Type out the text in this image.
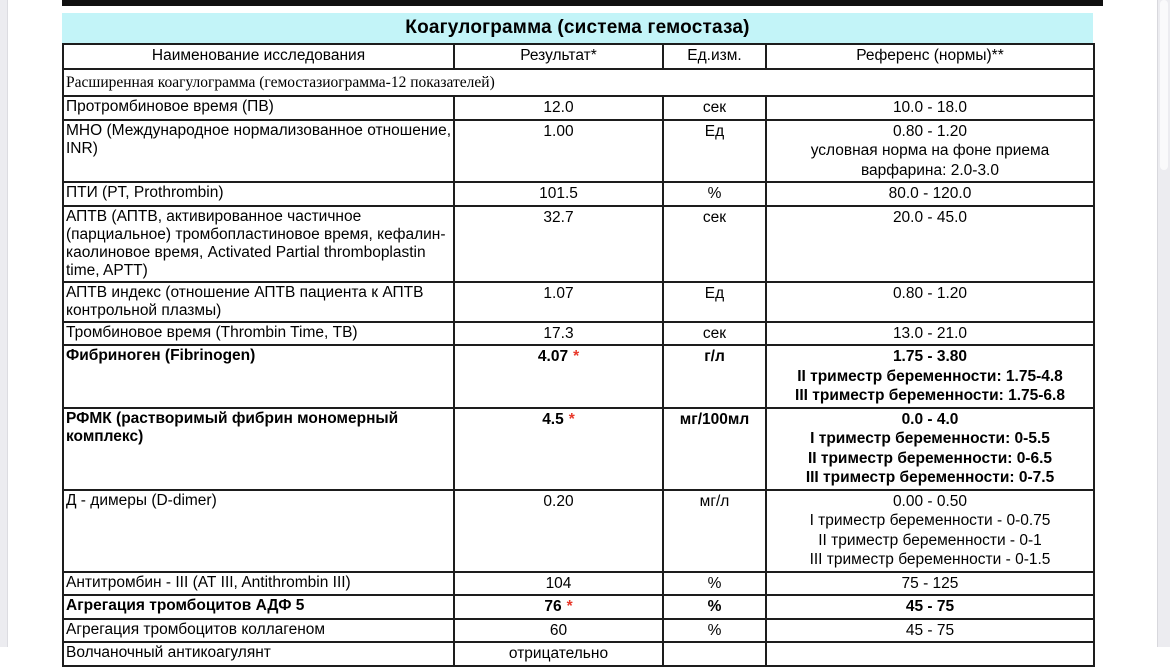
Коагулограмма (система гемостаза)
Наименование исследования	Результат*	Ед.изм.	Референс (нормы)**
Расширенная коагулограмма (гемостазиограмма-12 показателей)			
Протромбиновое время (ПВ)	12.0	сек	10.0 - 18.0

МНО (Международное нормализованное отношение, INR)	1.00	Ед	0.80 - 1.20
условная норма на фоне приема
варфарина: 2.0-3.0

ПТИ (PT, Prothrombin)	101.5	%	80.0 - 120.0

АПТВ (АПТВ, активированное частичное (парциальное) тромбопластиновое время, кефалин-каолиновое время, Activated Partial thromboplastin time, APTT)	32.7	сек	20.0 - 45.0

АПТВ индекс (отношение АПТВ пациента к АПТВ контрольной плазмы)	1.07	Ед	0.80 - 1.20

Тромбиновое время (Thrombin Time, ТВ)	17.3	сек	13.0 - 21.0

Фибриноген (Fibrinogen)	4.07 *	г/л	1.75 - 3.80
II триместр беременности: 1.75-4.8
III триместр беременности: 1.75-6.8

РФМК (растворимый фибрин мономерный комплекс)	4.5 *	мг/100мл	0.0 - 4.0
I триместр беременности: 0-5.5
II триместр беременности: 0-6.5
III триместр беременности: 0-7.5

Д - димеры (D-dimer)	0.20	мг/л	0.00 - 0.50
I триместр беременности - 0-0.75
II триместр беременности - 0-1
III триместр беременности - 0-1.5

Антитромбин - III (АТ III, Antithrombin III)	104	%	75 - 125

Агрегация тромбоцитов АДФ 5	76 *	%	45 - 75

Агрегация тромбоцитов коллагеном	60	%	45 - 75

Волчаночный антикоагулянт	отрицательно		
